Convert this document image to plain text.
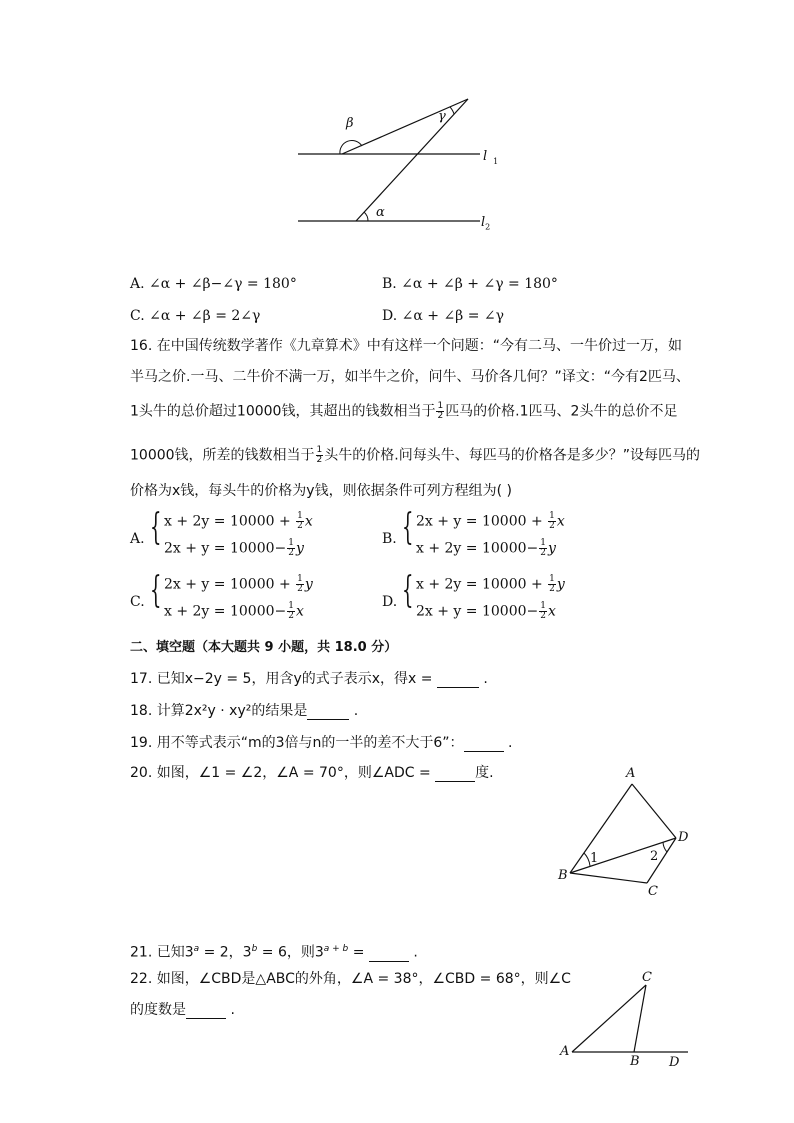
β	γ
α
l $_1$
$l_2$
A. ∠α + ∠β−∠γ = 180°	B. ∠α + ∠β + ∠γ = 180°
C. ∠α + ∠β = 2∠γ	D. ∠α + ∠β = ∠γ
16. 在中国传统数学著作《九章算术》中有这样一个问题：“今有二马、一牛价过一万，如
半马之价.一马、二牛价不满一万，如半牛之价，问牛、马价各几何？”译文：“今有2匹马、
1头牛的总价超过10000钱，其超出的钱数相当于 $\frac{1}{2}$ 匹马的价格.1匹马、2头牛的总价不足
10000钱，所差的钱数相当于 $\frac{1}{2}$ 头牛的价格.问每头牛、每匹马的价格各是多少？”设每匹马的
价格为x钱，每头牛的价格为y钱，则依据条件可列方程组为( )
A. { $x + 2y = 10000 + \frac{1}{2}$ x
$2x + y = 10000- \frac{1}{2}$ y
B. { $2x + y = 10000 + \frac{1}{2}$ x
$x + 2y = 10000- \frac{1}{2}$ y
C. { $2x + y = 10000 + \frac{1}{2}$ y
$x + 2y = 10000- \frac{1}{2}$ x
D. { $x + 2y = 10000 + \frac{1}{2}$ y
$2x + y = 10000- \frac{1}{2}$ x
二、填空题（本大题共 9 小题，共 18.0 分）
17. 已知x−2y = 5，用含y的式子表示x，得x =	.
18. 计算2x²y · xy²的结果是	.
19. 用不等式表示“m的3倍与n的一半的差不大于6”：	.
20. 如图，∠1 = ∠2，∠A = 70°，则∠ADC =	度.	A
D
B
C
1	2
21. 已知$3^a = 2$，$3^b = 6$，则$3^{a + b}$ =	.
22. 如图，∠CBD是△ABC的外角，∠A = 38°，∠CBD = 68°，则∠C
的度数是	.
C
A
B D
